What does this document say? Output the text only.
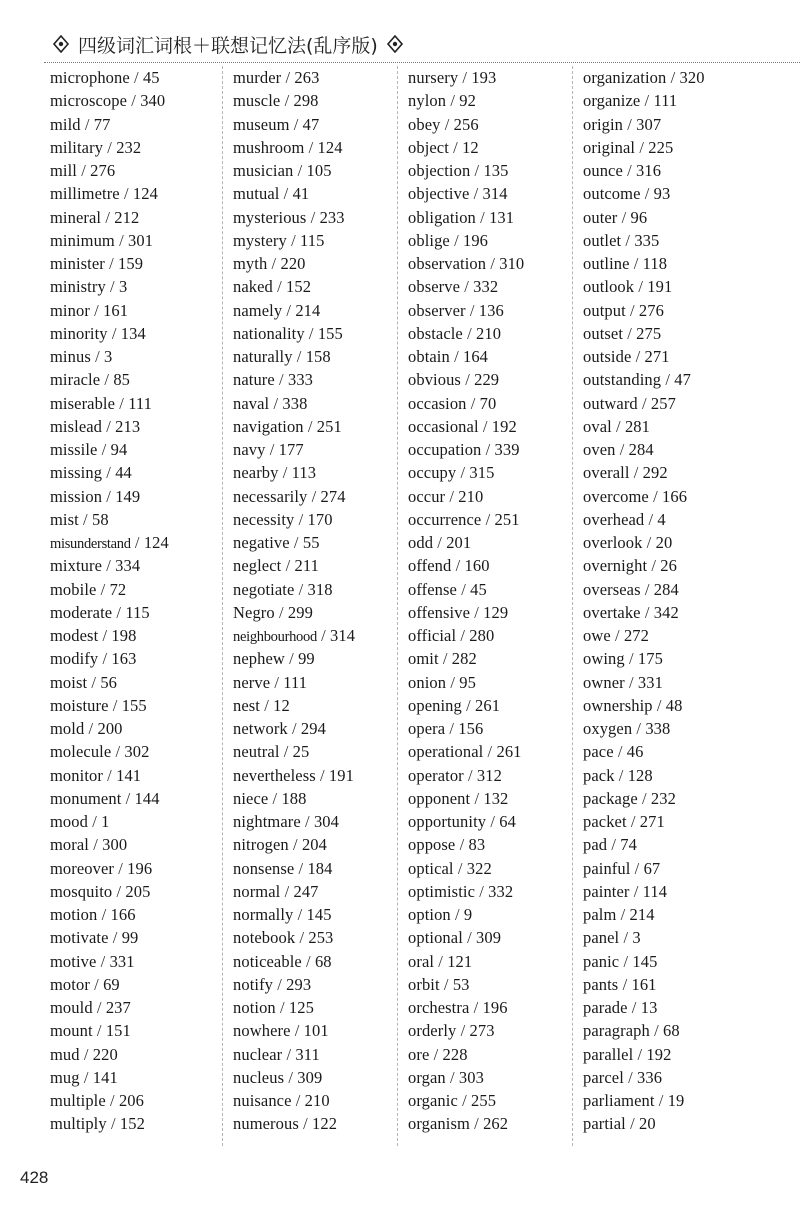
四级词汇词根＋联想记忆法(乱序版)
microphone / 45
microscope / 340
mild / 77
military / 232
mill / 276
millimetre / 124
mineral / 212
minimum / 301
minister / 159
ministry / 3
minor / 161
minority / 134
minus / 3
miracle / 85
miserable / 111
mislead / 213
missile / 94
missing / 44
mission / 149
mist / 58
misunderstand / 124
mixture / 334
mobile / 72
moderate / 115
modest / 198
modify / 163
moist / 56
moisture / 155
mold / 200
molecule / 302
monitor / 141
monument / 144
mood / 1
moral / 300
moreover / 196
mosquito / 205
motion / 166
motivate / 99
motive / 331
motor / 69
mould / 237
mount / 151
mud / 220
mug / 141
multiple / 206
multiply / 152
murder / 263
muscle / 298
museum / 47
mushroom / 124
musician / 105
mutual / 41
mysterious / 233
mystery / 115
myth / 220
naked / 152
namely / 214
nationality / 155
naturally / 158
nature / 333
naval / 338
navigation / 251
navy / 177
nearby / 113
necessarily / 274
necessity / 170
negative / 55
neglect / 211
negotiate / 318
Negro / 299
neighbourhood / 314
nephew / 99
nerve / 111
nest / 12
network / 294
neutral / 25
nevertheless / 191
niece / 188
nightmare / 304
nitrogen / 204
nonsense / 184
normal / 247
normally / 145
notebook / 253
noticeable / 68
notify / 293
notion / 125
nowhere / 101
nuclear / 311
nucleus / 309
nuisance / 210
numerous / 122
nursery / 193
nylon / 92
obey / 256
object / 12
objection / 135
objective / 314
obligation / 131
oblige / 196
observation / 310
observe / 332
observer / 136
obstacle / 210
obtain / 164
obvious / 229
occasion / 70
occasional / 192
occupation / 339
occupy / 315
occur / 210
occurrence / 251
odd / 201
offend / 160
offense / 45
offensive / 129
official / 280
omit / 282
onion / 95
opening / 261
opera / 156
operational / 261
operator / 312
opponent / 132
opportunity / 64
oppose / 83
optical / 322
optimistic / 332
option / 9
optional / 309
oral / 121
orbit / 53
orchestra / 196
orderly / 273
ore / 228
organ / 303
organic / 255
organism / 262
organization / 320
organize / 111
origin / 307
original / 225
ounce / 316
outcome / 93
outer / 96
outlet / 335
outline / 118
outlook / 191
output / 276
outset / 275
outside / 271
outstanding / 47
outward / 257
oval / 281
oven / 284
overall / 292
overcome / 166
overhead / 4
overlook / 20
overnight / 26
overseas / 284
overtake / 342
owe / 272
owing / 175
owner / 331
ownership / 48
oxygen / 338
pace / 46
pack / 128
package / 232
packet / 271
pad / 74
painful / 67
painter / 114
palm / 214
panel / 3
panic / 145
pants / 161
parade / 13
paragraph / 68
parallel / 192
parcel / 336
parliament / 19
partial / 20
428
